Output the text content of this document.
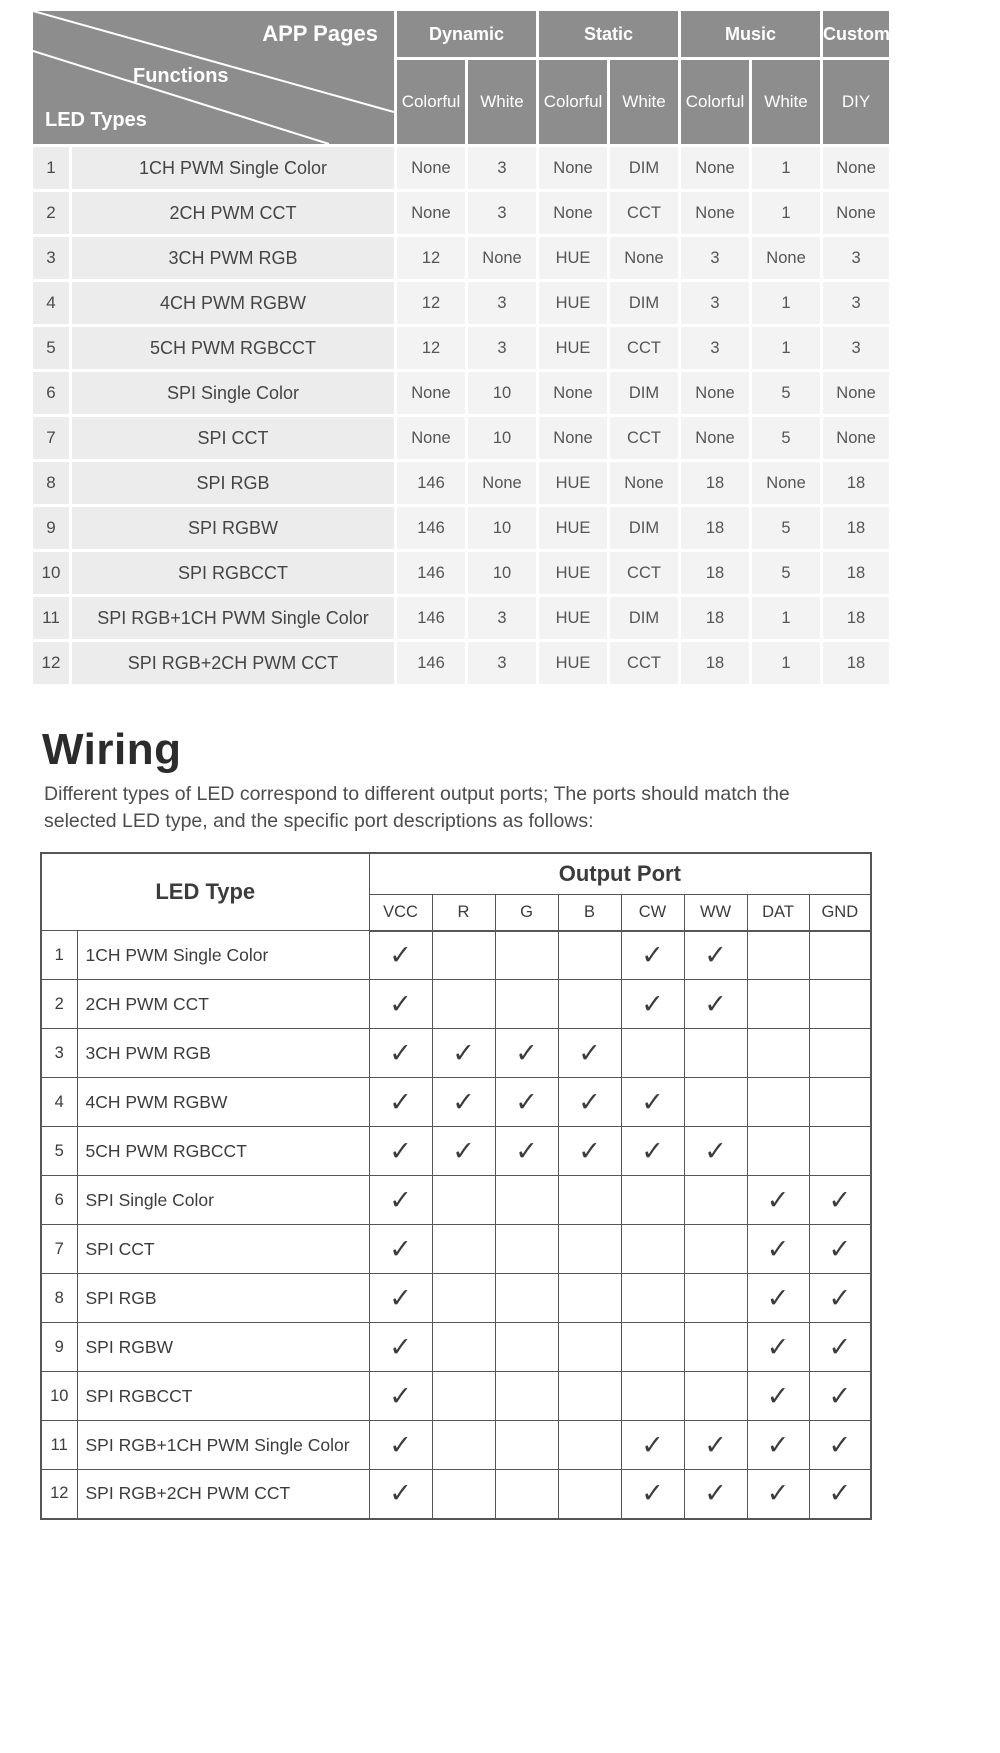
APP Pages
Functions
LED Types		Dynamic		Static		Music		Custom
		Colorful	White	Colorful	White	Colorful	White	DIY
1	1CH PWM Single Color	None	3	None	DIM	None	1	None
2	2CH PWM CCT	None	3	None	CCT	None	1	None
3	3CH PWM RGB	12	None	HUE	None	3	None	3
4	4CH PWM RGBW	12	3	HUE	DIM	3	1	3
5	5CH PWM RGBCCT	12	3	HUE	CCT	3	1	3
6	SPI Single Color	None	10	None	DIM	None	5	None
7	SPI CCT	None	10	None	CCT	None	5	None
8	SPI RGB	146	None	HUE	None	18	None	18
9	SPI RGBW	146	10	HUE	DIM	18	5	18
10	SPI RGBCCT	146	10	HUE	CCT	18	5	18
11	SPI RGB+1CH PWM Single Color	146	3	HUE	DIM	18	1	18
12	SPI RGB+2CH PWM CCT	146	3	HUE	CCT	18	1	18
Wiring

Different types of LED correspond to different output ports; The ports should match the selected LED type, and the specific port descriptions as follows:

LED Type		Output Port							
		VCC	R	G	B	CW	WW	DAT	GND
1	1CH PWM Single Color	✓				✓	✓		
2	2CH PWM CCT	✓				✓	✓		
3	3CH PWM RGB	✓	✓	✓	✓				
4	4CH PWM RGBW	✓	✓	✓	✓	✓			
5	5CH PWM RGBCCT	✓	✓	✓	✓	✓	✓		
6	SPI Single Color	✓						✓	✓
7	SPI CCT	✓						✓	✓
8	SPI RGB	✓						✓	✓
9	SPI RGBW	✓						✓	✓
10	SPI RGBCCT	✓						✓	✓
11	SPI RGB+1CH PWM Single Color	✓				✓	✓	✓	✓
12	SPI RGB+2CH PWM CCT	✓				✓	✓	✓	✓
